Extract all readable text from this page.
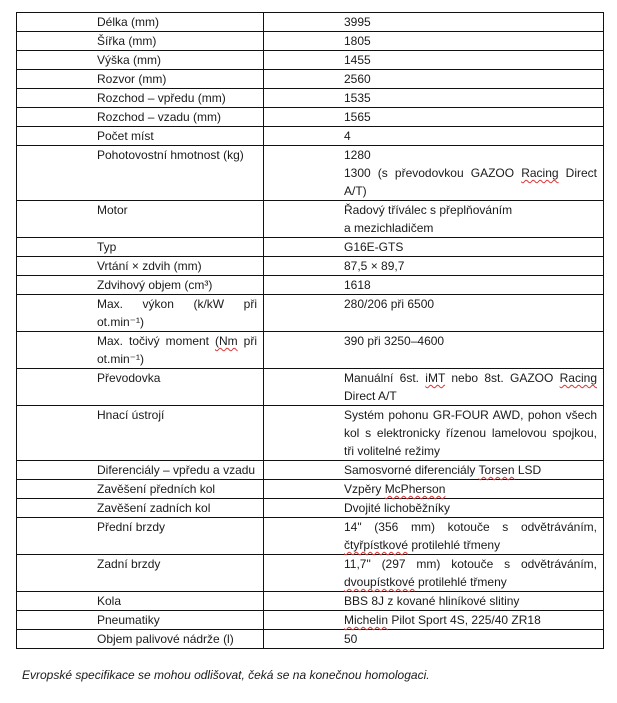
Délka (mm)	3995

Šířka (mm)	1805

Výška (mm)	1455

Rozvor (mm)	2560

Rozchod – vpředu (mm)	1535

Rozchod – vzadu (mm)	1565

Počet míst	4

Pohotovostní hmotnost (kg)	1280
1300 (s převodovkou GAZOO Racing Direct A/T)

Motor	Řadový tříválec s přeplňováním
a mezichladičem

Typ	G16E-GTS

Vrtání × zdvih (mm)	87,5 × 89,7

Zdvihový objem (cm³)	1618

Max. výkon (k/kW při ot.min⁻¹)	280/206 při 6500

Max. točivý moment (Nm při ot.min⁻¹)	390 při 3250–4600

Převodovka	Manuální 6st. iMT nebo 8st. GAZOO Racing Direct A/T

Hnací ústrojí	Systém pohonu GR-FOUR AWD, pohon všech kol s elektronicky řízenou lamelovou spojkou, tři volitelné režimy

Diferenciály – vpředu a vzadu	Samosvorné diferenciály Torsen LSD

Zavěšení předních kol	Vzpěry McPherson

Zavěšení zadních kol	Dvojité lichoběžníky

Přední brzdy	14" (356 mm) kotouče s odvětráváním, čtyřpístkové protilehlé třmeny

Zadní brzdy	11,7" (297 mm) kotouče s odvětráváním, dvoupístkové protilehlé třmeny

Kola	BBS 8J z kované hliníkové slitiny

Pneumatiky	Michelin Pilot Sport 4S, 225/40 ZR18

Objem palivové nádrže (l)	50
Evropské specifikace se mohou odlišovat, čeká se na konečnou homologaci.
